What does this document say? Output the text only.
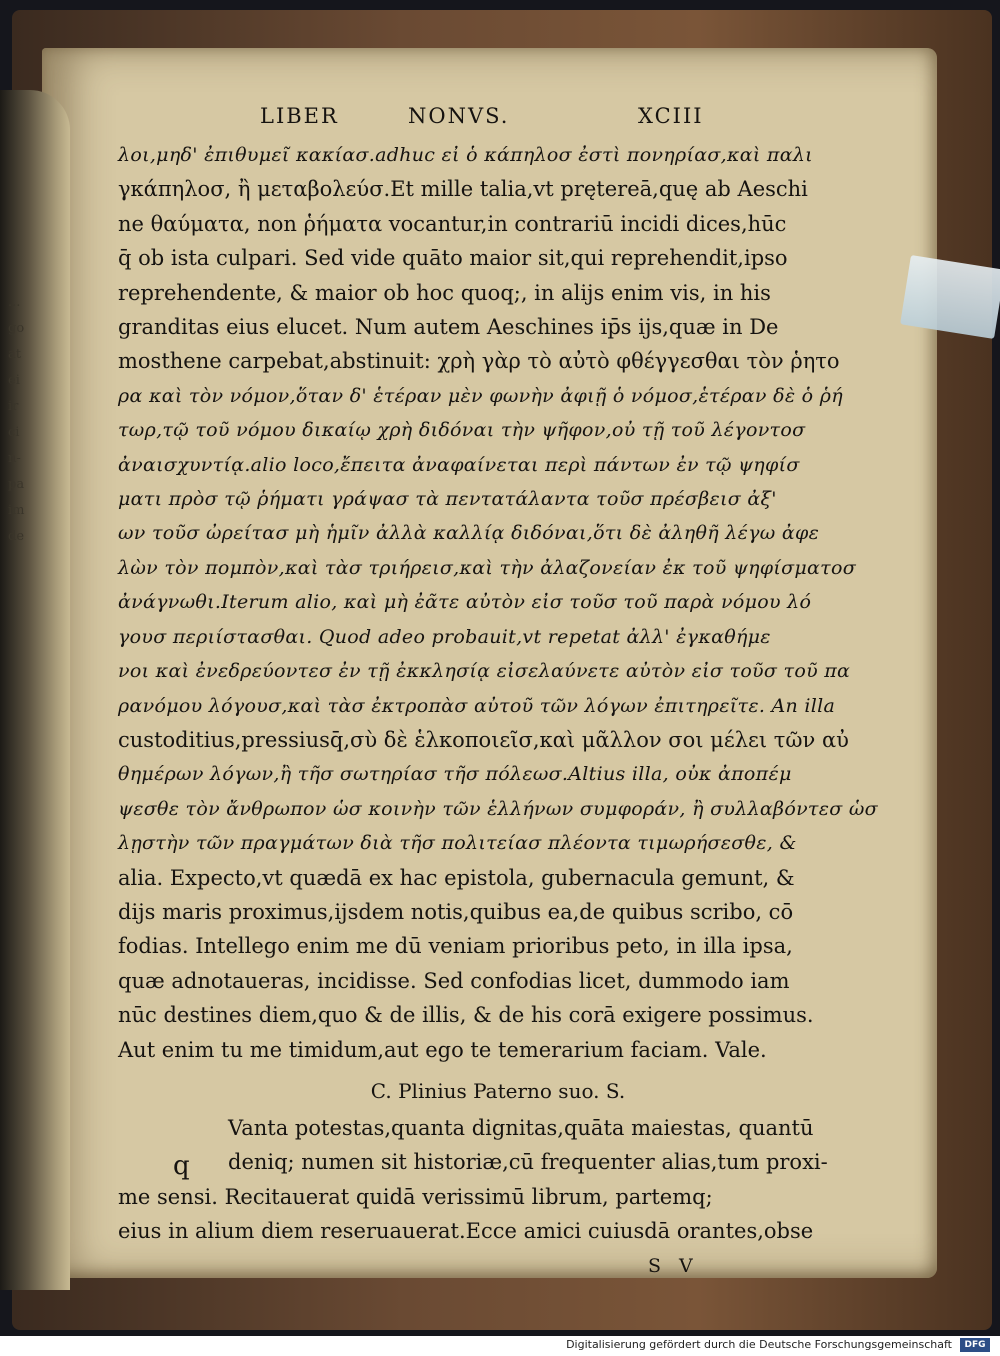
...
go
at
ei
ir
ci
n-
pa
im
de
LIBER	NONVS.	XCIII
λοι,μηδ' ἐπιθυμεῖ κακίασ.adhuc εἰ ὁ κάπηλοσ ἐστὶ πονηρίασ,καὶ παλι
γκάπηλοσ, ἢ μεταβολεύσ.Et mille talia,vt prętereā,quę ab Aeschi
ne θαύματα, non ῥήματα vocantur,in contrariū incidi dices,hūc
q̄ ob ista culpari. Sed vide quāto maior sit,qui reprehendit,ipso
reprehendente, & maior ob hoc quoq;, in alijs enim vis, in his
granditas eius elucet. Num autem Aeschines ip̄s ijs,quæ in De
mosthene carpebat,abstinuit: χρὴ γὰρ τὸ αὐτὸ φθέγγεσθαι τὸν ῥητο
ρα καὶ τὸν νόμον,ὅταν δ' ἑτέραν μὲν φωνὴν ἀφιῇ ὁ νόμοσ,ἑτέραν δὲ ὁ ῥή
τωρ,τῷ τοῦ νόμου δικαίῳ χρὴ διδόναι τὴν ψῆφον,οὐ τῇ τοῦ λέγοντοσ
ἀναισχυντίᾳ.alio loco,ἔπειτα ἀναφαίνεται περὶ πάντων ἐν τῷ ψηφίσ
ματι πρὸσ τῷ ῥήματι γράψασ τὰ πεντατάλαντα τοῦσ πρέσβεισ ἀξ'
ων τοῦσ ὠρείτασ μὴ ἡμῖν ἀλλὰ καλλίᾳ διδόναι,ὅτι δὲ ἀληθῆ λέγω ἀφε
λὼν τὸν πομπὸν,καὶ τὰσ τριήρεισ,καὶ τὴν ἀλαζονείαν ἐκ τοῦ ψηφίσματοσ
ἀνάγνωθι.Iterum alio, καὶ μὴ ἐᾶτε αὐτὸν εἰσ τοῦσ τοῦ παρὰ νόμου λό
γουσ περιίστασθαι. Quod adeo probauit,vt repetat ἀλλ' ἐγκαθήμε
νοι καὶ ἐνεδρεύοντεσ ἐν τῇ ἐκκλησίᾳ εἰσελαύνετε αὐτὸν εἰσ τοῦσ τοῦ πα
ρανόμου λόγουσ,καὶ τὰσ ἐκτροπὰσ αὐτοῦ τῶν λόγων ἐπιτηρεῖτε. An illa
custoditius,pressiusq̄,σὺ δὲ ἑλκοποιεῖσ,καὶ μᾶλλον σοι μέλει τῶν αὐ
θημέρων λόγων,ἢ τῆσ σωτηρίασ τῆσ πόλεωσ.Altius illa, οὐκ ἀποπέμ
ψεσθε τὸν ἄνθρωπον ὡσ κοινὴν τῶν ἑλλήνων συμφοράν, ἢ συλλαβόντεσ ὡσ
λῃστὴν τῶν πραγμάτων διὰ τῆσ πολιτείασ πλέοντα τιμωρήσεσθε, &
alia. Expecto,vt quædā ex hac epistola, gubernacula gemunt, &
dijs maris proximus,ijsdem notis,quibus ea,de quibus scribo, cō
fodias. Intellego enim me dū veniam prioribus peto, in illa ipsa,
quæ adnotaueras, incidisse. Sed confodias licet, dummodo iam
nūc destines diem,quo & de illis, & de his corā exigere possimus.
Aut enim tu me timidum,aut ego te temerarium faciam. Vale.
C. Plinius Paterno suo. S.
q
Vanta potestas,quanta dignitas,quāta maiestas, quantū
deniq; numen sit historiæ,cū frequenter alias,tum proxi-
me sensi. Recitauerat quidā verissimū librum, partemq;
eius in alium diem reseruauerat.Ecce amici cuiusdā orantes,obse
S V
Digitalisierung gefördert durch die Deutsche Forschungsgemeinschaft	DFG
